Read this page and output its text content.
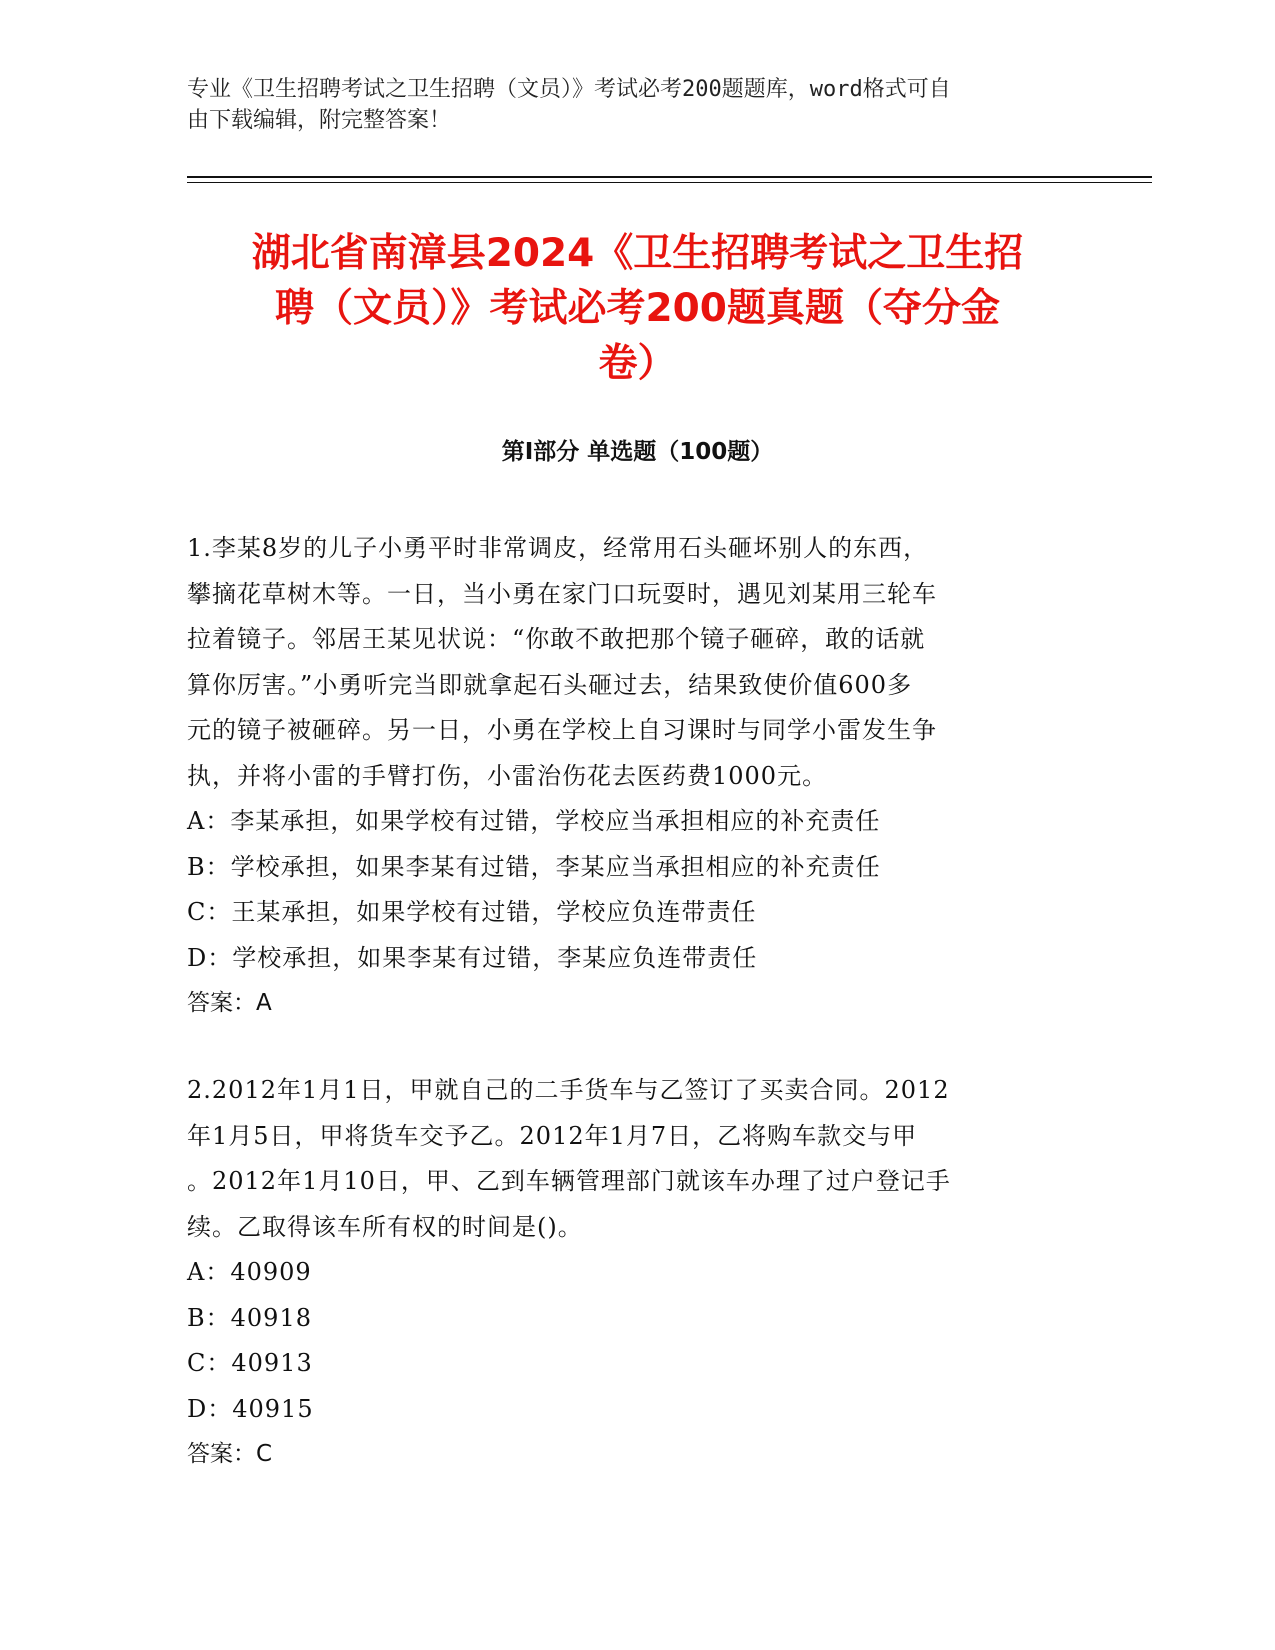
专业《卫生招聘考试之卫生招聘（文员）》考试必考200题题库，word格式可自
由下载编辑，附完整答案！
湖北省南漳县2024《卫生招聘考试之卫生招
聘（文员）》考试必考200题真题（夺分金
卷）
第Ⅰ部分 单选题（100题）
1.李某8岁的儿子小勇平时非常调皮，经常用石头砸坏别人的东西，
攀摘花草树木等。一日，当小勇在家门口玩耍时，遇见刘某用三轮车
拉着镜子。邻居王某见状说：“你敢不敢把那个镜子砸碎，敢的话就
算你厉害。”小勇听完当即就拿起石头砸过去，结果致使价值600多
元的镜子被砸碎。另一日，小勇在学校上自习课时与同学小雷发生争
执，并将小雷的手臂打伤，小雷治伤花去医药费1000元。
A：李某承担，如果学校有过错，学校应当承担相应的补充责任
B：学校承担，如果李某有过错，李某应当承担相应的补充责任
C：王某承担，如果学校有过错，学校应负连带责任
D：学校承担，如果李某有过错，李某应负连带责任
答案：A
2.2012年1月1日，甲就自己的二手货车与乙签订了买卖合同。2012
年1月5日，甲将货车交予乙。2012年1月7日，乙将购车款交与甲
。2012年1月10日，甲、乙到车辆管理部门就该车办理了过户登记手
续。乙取得该车所有权的时间是()。
A：40909
B：40918
C：40913
D：40915
答案：C
